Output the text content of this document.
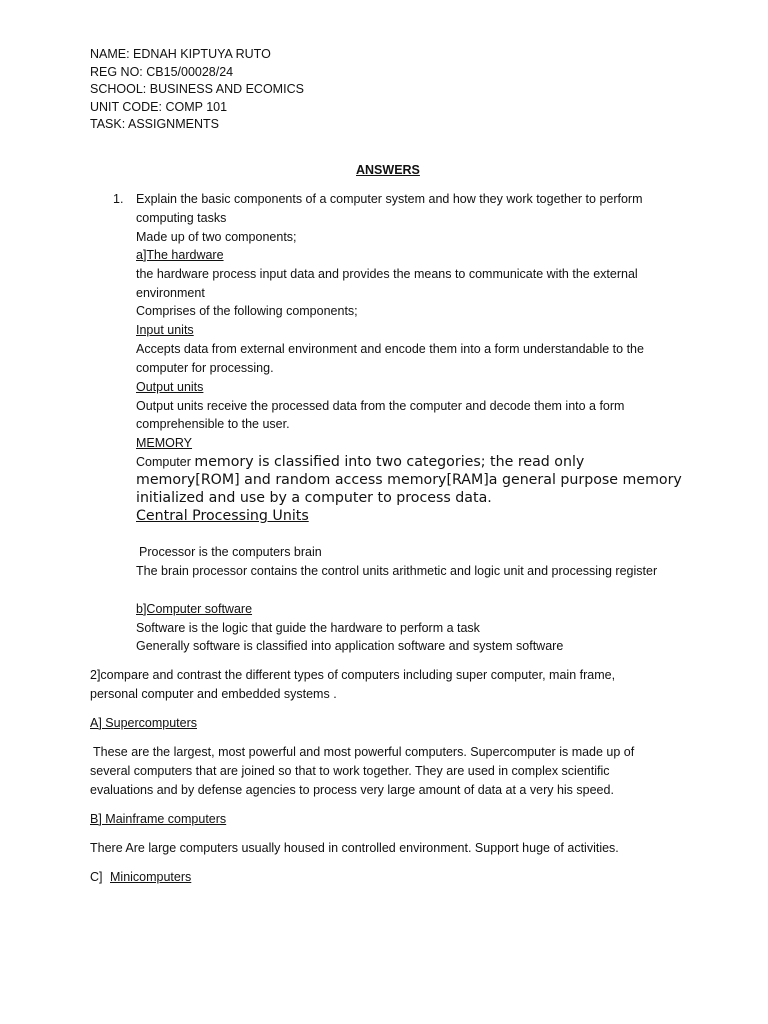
NAME: EDNAH KIPTUYA RUTO
REG NO: CB15/00028/24
SCHOOL: BUSINESS AND ECOMICS
UNIT CODE: COMP 101
TASK: ASSIGNMENTS
ANSWERS
1. Explain the basic components of a computer system and how they work together to perform
computing tasks
Made up of two components;
a]The hardware
the hardware process input data and provides the means to communicate with the external
environment
Comprises of the following components;
Input units
Accepts data from external environment and encode them into a form understandable to the
computer for processing.
Output units
Output units receive the processed data from the computer and decode them into a form
comprehensible to the user.
MEMORY
Computer memory is classified into two categories; the read only
memory[ROM] and random access memory[RAM]a general purpose memory
initialized and use by a computer to process data.
Central Processing Units
Processor is the computers brain
The brain processor contains the control units arithmetic and logic unit and processing register
b]Computer software
Software is the logic that guide the hardware to perform a task
Generally software is classified into application software and system software
2]compare and contrast the different types of computers including super computer, main frame,
personal computer and embedded systems .
A] Supercomputers
These are the largest, most powerful and most powerful computers. Supercomputer is made up of
several computers that are joined so that to work together. They are used in complex scientific
evaluations and by defense agencies to process very large amount of data at a very his speed.
B] Mainframe computers
There Are large computers usually housed in controlled environment. Support huge of activities.
C] Minicomputers
